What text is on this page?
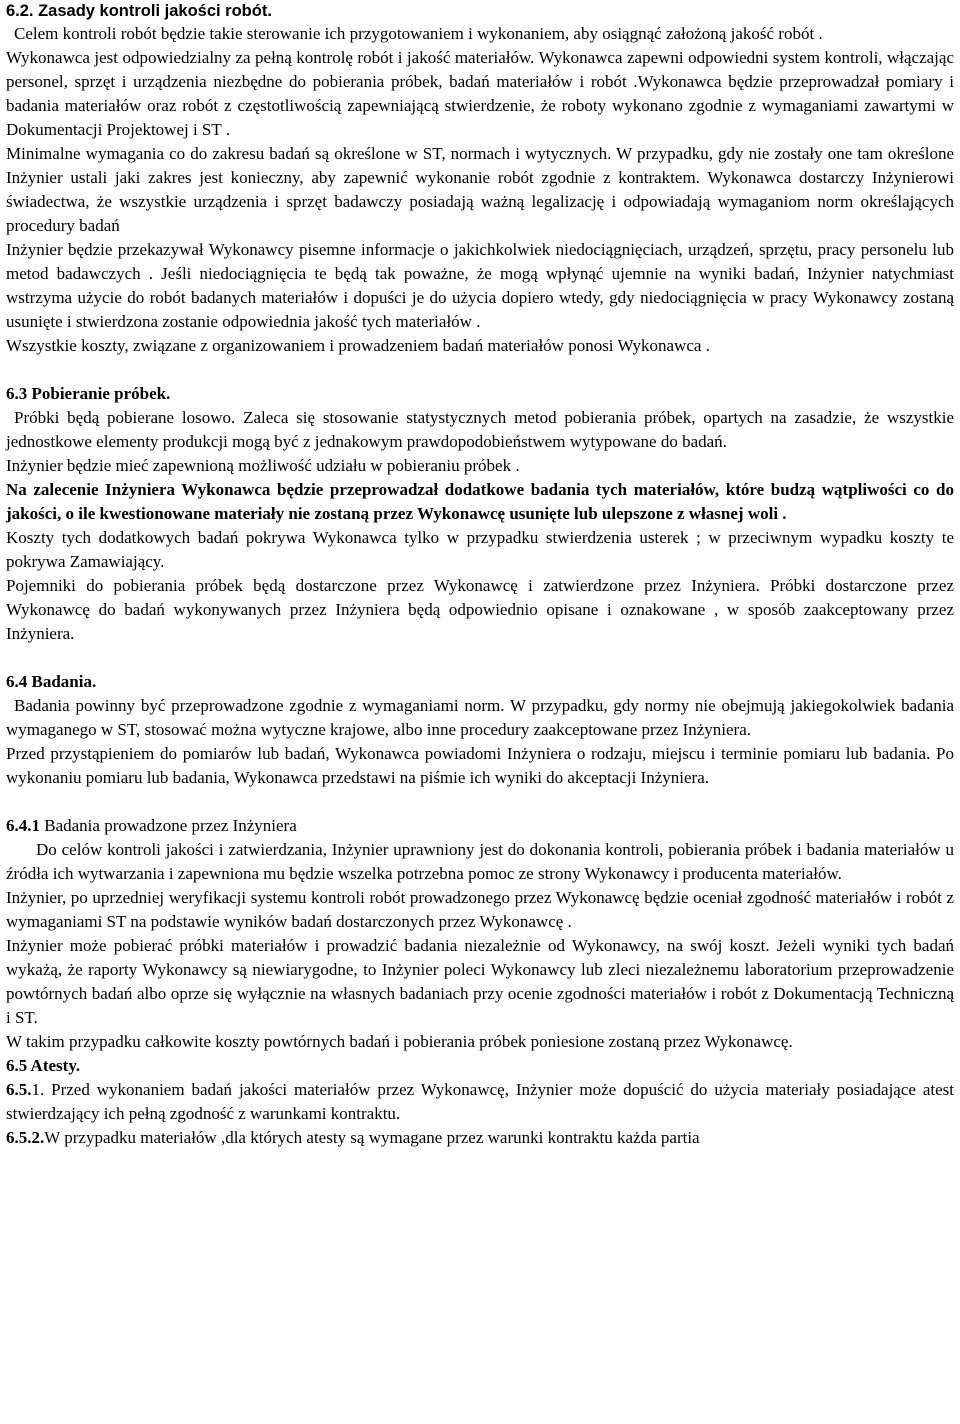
6.2. Zasady kontroli jakości robót.

Celem kontroli robót będzie takie sterowanie ich przygotowaniem i wykonaniem, aby osiągnąć założoną jakość robót .

Wykonawca jest odpowiedzialny za pełną kontrolę robót i jakość materiałów. Wykonawca zapewni odpowiedni system kontroli, włączając personel, sprzęt i urządzenia niezbędne do pobierania próbek, badań materiałów i robót .Wykonawca będzie przeprowadzał pomiary i badania materiałów oraz robót z częstotliwością zapewniającą stwierdzenie, że roboty wykonano zgodnie z wymaganiami zawartymi w Dokumentacji Projektowej i ST .

Minimalne wymagania co do zakresu badań są określone w ST, normach i wytycznych. W przypadku, gdy nie zostały one tam określone Inżynier ustali jaki zakres jest konieczny, aby zapewnić wykonanie robót zgodnie z kontraktem. Wykonawca dostarczy Inżynierowi świadectwa, że wszystkie urządzenia i sprzęt badawczy posiadają ważną legalizację i odpowiadają wymaganiom norm określających procedury badań

Inżynier będzie przekazywał Wykonawcy pisemne informacje o jakichkolwiek niedociągnięciach, urządzeń, sprzętu, pracy personelu lub metod badawczych . Jeśli niedociągnięcia te będą tak poważne, że mogą wpłynąć ujemnie na wyniki badań, Inżynier natychmiast wstrzyma użycie do robót badanych materiałów i dopuści je do użycia dopiero wtedy, gdy niedociągnięcia w pracy Wykonawcy zostaną usunięte i stwierdzona zostanie odpowiednia jakość tych materiałów .

Wszystkie koszty, związane z organizowaniem i prowadzeniem badań materiałów ponosi Wykonawca .

6.3 Pobieranie próbek.

Próbki będą pobierane losowo. Zaleca się stosowanie statystycznych metod pobierania próbek, opartych na zasadzie, że wszystkie jednostkowe elementy produkcji mogą być z jednakowym prawdopodobieństwem wytypowane do badań.

Inżynier będzie mieć zapewnioną możliwość udziału w pobieraniu próbek .

Na zalecenie Inżyniera Wykonawca będzie przeprowadzał dodatkowe badania tych materiałów, które budzą wątpliwości co do jakości, o ile kwestionowane materiały nie zostaną przez Wykonawcę usunięte lub ulepszone z własnej woli .

Koszty tych dodatkowych badań pokrywa Wykonawca tylko w przypadku stwierdzenia usterek ; w przeciwnym wypadku koszty te pokrywa Zamawiający.

Pojemniki do pobierania próbek będą dostarczone przez Wykonawcę i zatwierdzone przez Inżyniera. Próbki dostarczone przez Wykonawcę do badań wykonywanych przez Inżyniera będą odpowiednio opisane i oznakowane , w sposób zaakceptowany przez Inżyniera.

6.4 Badania.

Badania powinny być przeprowadzone zgodnie z wymaganiami norm. W przypadku, gdy normy nie obejmują jakiegokolwiek badania wymaganego w ST, stosować można wytyczne krajowe, albo inne procedury zaakceptowane przez Inżyniera.

Przed przystąpieniem do pomiarów lub badań, Wykonawca powiadomi Inżyniera o rodzaju, miejscu i terminie pomiaru lub badania. Po wykonaniu pomiaru lub badania, Wykonawca przedstawi na piśmie ich wyniki do akceptacji Inżyniera.

6.4.1 Badania prowadzone przez Inżyniera

Do celów kontroli jakości i zatwierdzania, Inżynier uprawniony jest do dokonania kontroli, pobierania próbek i badania materiałów u źródła ich wytwarzania i zapewniona mu będzie wszelka potrzebna pomoc ze strony Wykonawcy i producenta materiałów.

Inżynier, po uprzedniej weryfikacji systemu kontroli robót prowadzonego przez Wykonawcę będzie oceniał zgodność materiałów i robót z wymaganiami ST na podstawie wyników badań dostarczonych przez Wykonawcę .

Inżynier może pobierać próbki materiałów i prowadzić badania niezależnie od Wykonawcy, na swój koszt. Jeżeli wyniki tych badań wykażą, że raporty Wykonawcy są niewiarygodne, to Inżynier poleci Wykonawcy lub zleci niezależnemu laboratorium przeprowadzenie powtórnych badań albo oprze się wyłącznie na własnych badaniach przy ocenie zgodności materiałów i robót z Dokumentacją Techniczną i ST.

W takim przypadku całkowite koszty powtórnych badań i pobierania próbek poniesione zostaną przez Wykonawcę.

6.5 Atesty.

6.5.1. Przed wykonaniem badań jakości materiałów przez Wykonawcę, Inżynier może dopuścić do użycia materiały posiadające atest stwierdzający ich pełną zgodność z warunkami kontraktu.

6.5.2.W przypadku materiałów ,dla których atesty są wymagane przez warunki kontraktu każda partia
